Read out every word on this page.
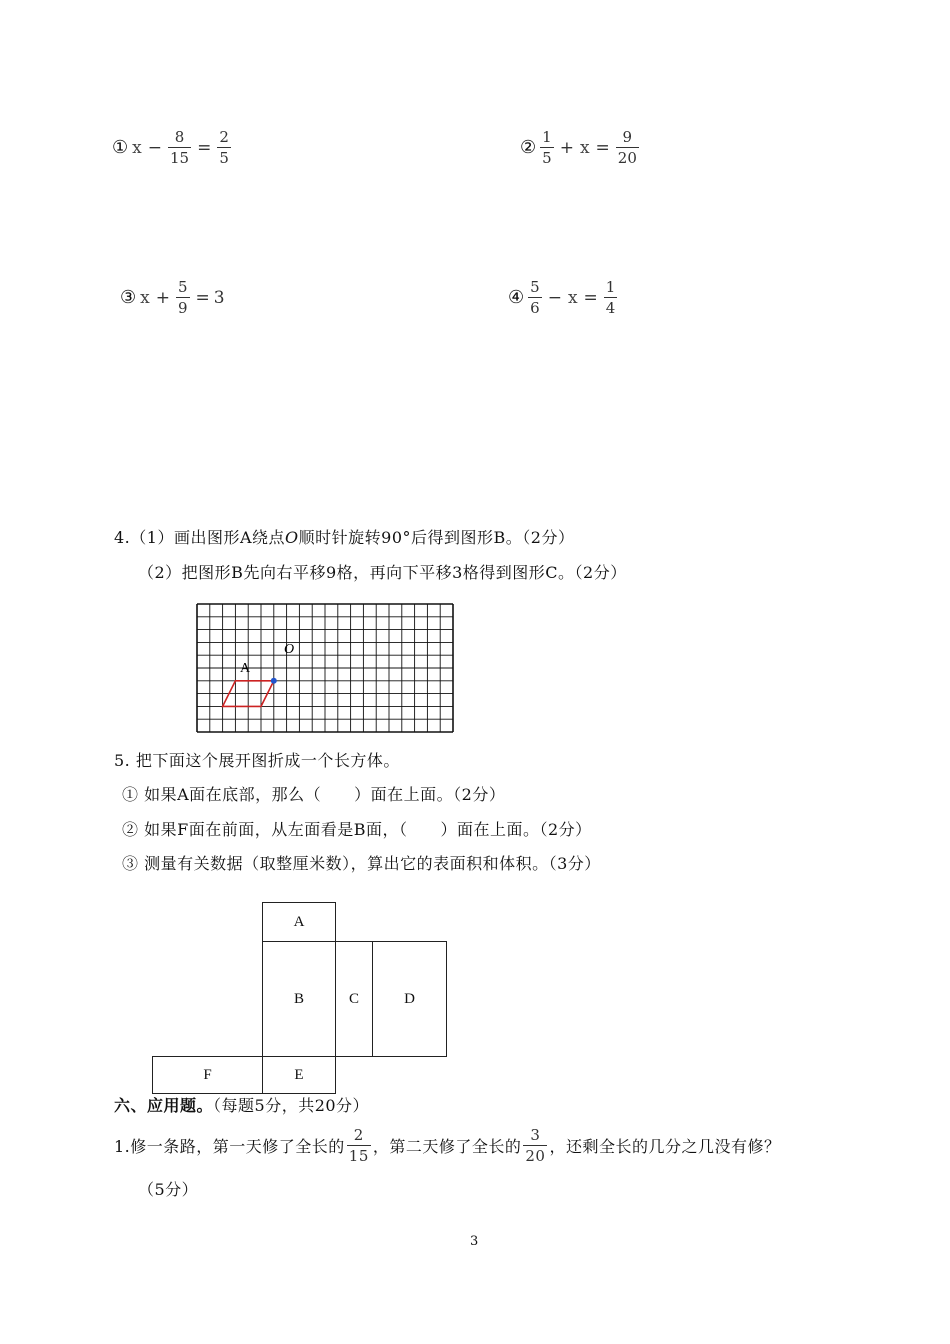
① $x - \frac{8}{15} = \frac{2}{5}$	② $\frac{1}{5} + x = \frac{9}{20}$
③ $x + \frac{5}{9} = 3$	④ $\frac{5}{6} - x = \frac{1}{4}$
4.（1）画出图形A绕点O顺时针旋转90°后得到图形B。（2分）
（2）把图形B先向右平移9格，再向下平移3格得到图形C。（2分）
A
O
5. 把下面这个展开图折成一个长方体。
① 如果A面在底部，那么（　　）面在上面。（2分）
② 如果F面在前面，从左面看是B面，（　　）面在上面。（2分）
③ 测量有关数据（取整厘米数），算出它的表面积和体积。（3分）
A
B	C	D
E
F
六、应用题。（每题5分，共20分）
1.修一条路，第一天修了全长的 $\frac{2}{15}$ ，第二天修了全长的 $\frac{3}{20}$ ，还剩全长的几分之几没有修？
（5分）
3
